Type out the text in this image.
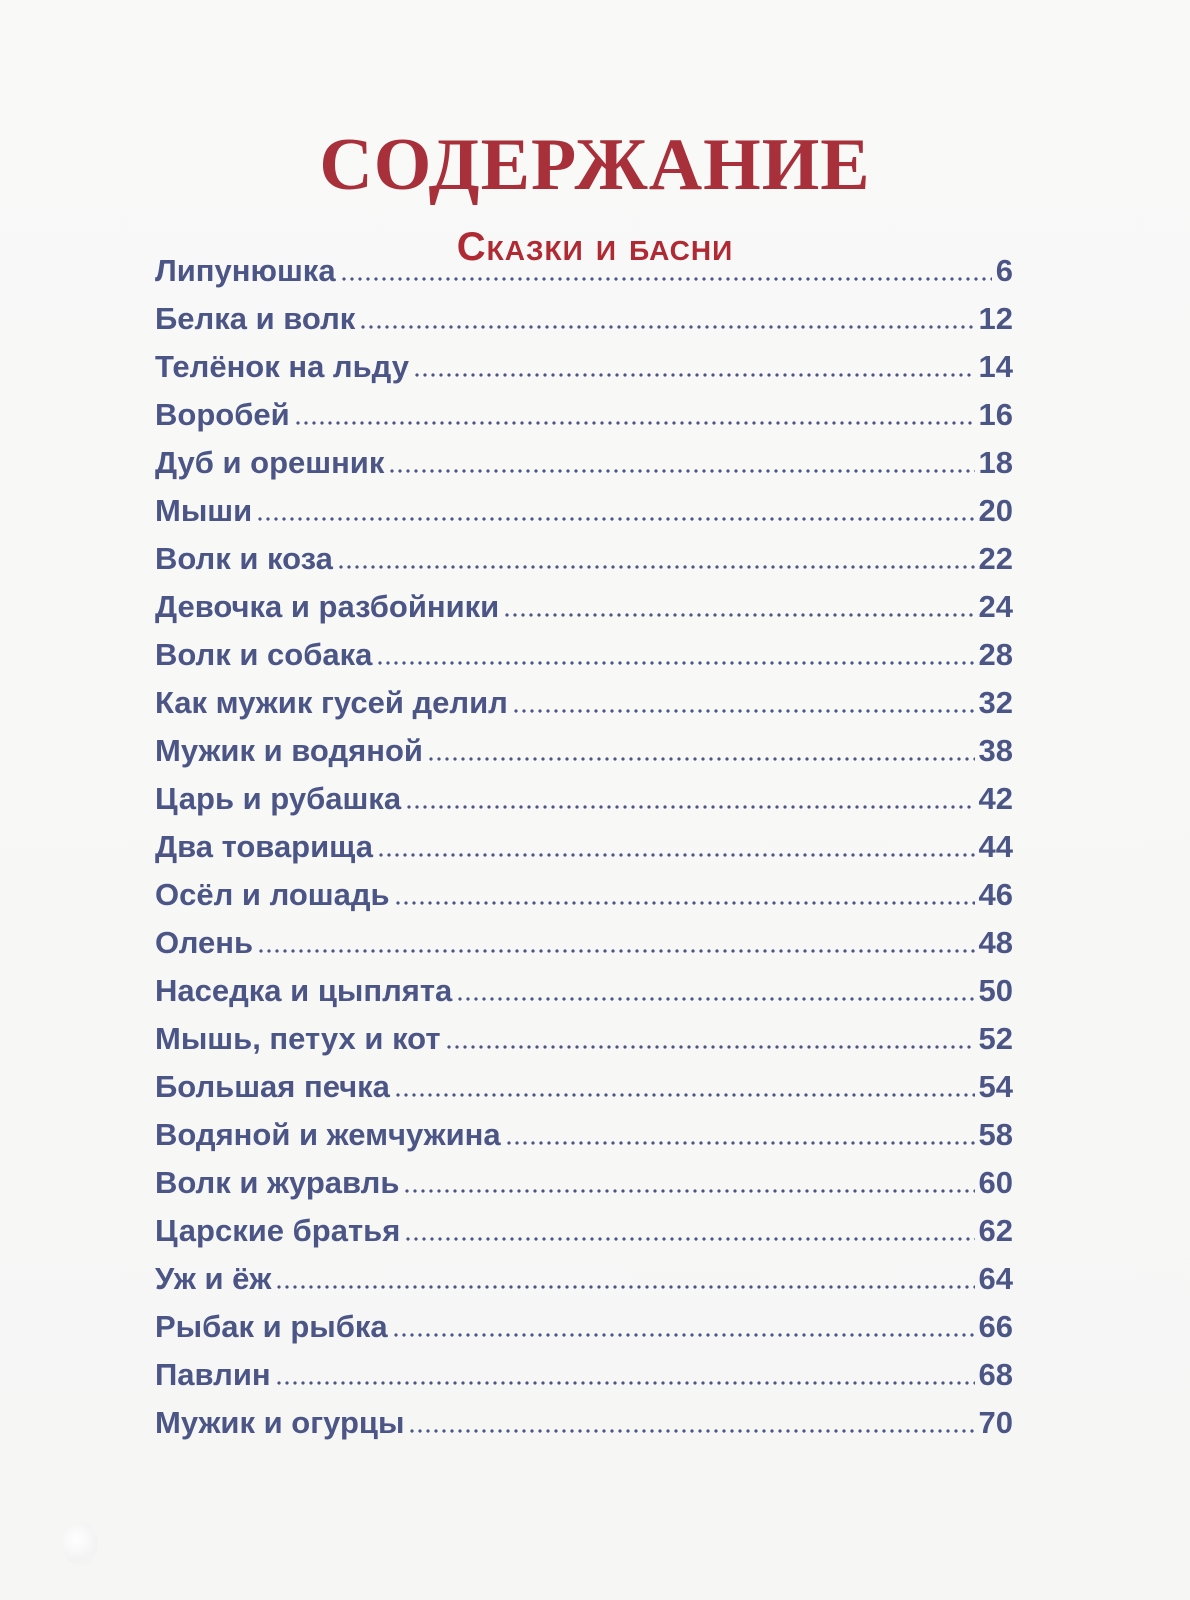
СОДЕРЖАНИЕ
Сказки и басни
Липунюшка	6
Белка и волк	12
Телёнок на льду	14
Воробей	16
Дуб и орешник	18
Мыши	20
Волк и коза	22
Девочка и разбойники	24
Волк и собака	28
Как мужик гусей делил	32
Мужик и водяной	38
Царь и рубашка	42
Два товарища	44
Осёл и лошадь	46
Олень	48
Наседка и цыплята	50
Мышь, петух и кот	52
Большая печка	54
Водяной и жемчужина	58
Волк и журавль	60
Царские братья	62
Уж и ёж	64
Рыбак и рыбка	66
Павлин	68
Мужик и огурцы	70
